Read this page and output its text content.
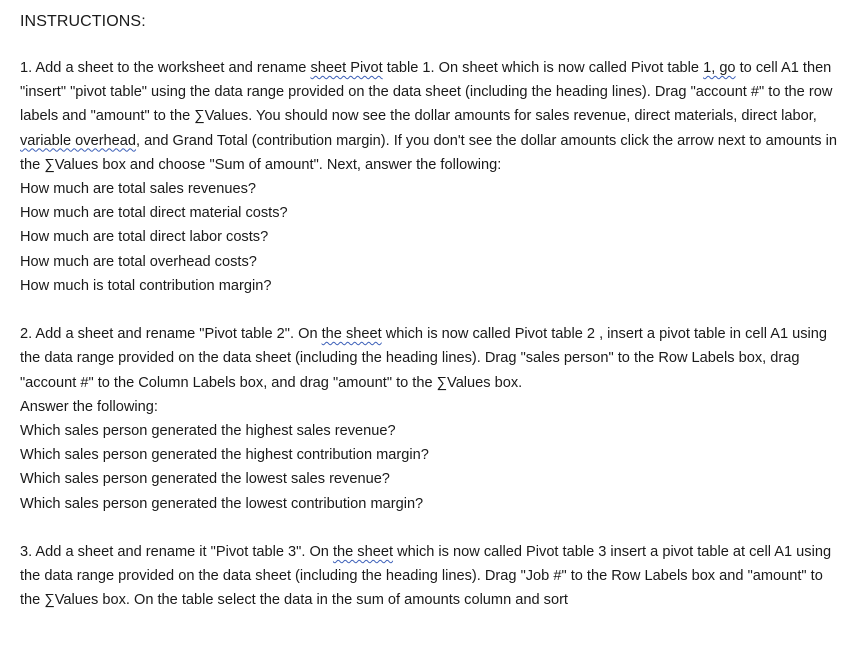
INSTRUCTIONS:

1. Add a sheet to the worksheet and rename sheet Pivot table 1. On sheet which is now called Pivot table 1, go to cell A1 then "insert" "pivot table" using the data range provided on the data sheet (including the heading lines). Drag "account #" to the row labels and "amount" to the ∑Values. You should now see the dollar amounts for sales revenue, direct materials, direct labor, variable overhead, and Grand Total (contribution margin). If you don't see the dollar amounts click the arrow next to amounts in the ∑Values box and choose "Sum of amount". Next, answer the following:

How much are total sales revenues?
How much are total direct material costs?
How much are total direct labor costs?
How much are total overhead costs?
How much is total contribution margin?

2. Add a sheet and rename "Pivot table 2". On the sheet which is now called Pivot table 2 , insert a pivot table in cell A1 using the data range provided on the data sheet (including the heading lines). Drag "sales person" to the Row Labels box, drag "account #" to the Column Labels box, and drag "amount" to the ∑Values box.

Answer the following:
Which sales person generated the highest sales revenue?
Which sales person generated the highest contribution margin?
Which sales person generated the lowest sales revenue?
Which sales person generated the lowest contribution margin?

3. Add a sheet and rename it "Pivot table 3". On the sheet which is now called Pivot table 3 insert a pivot table at cell A1 using the data range provided on the data sheet (including the heading lines). Drag "Job #" to the Row Labels box and "amount" to the ∑Values box. On the table select the data in the sum of amounts column and sort
